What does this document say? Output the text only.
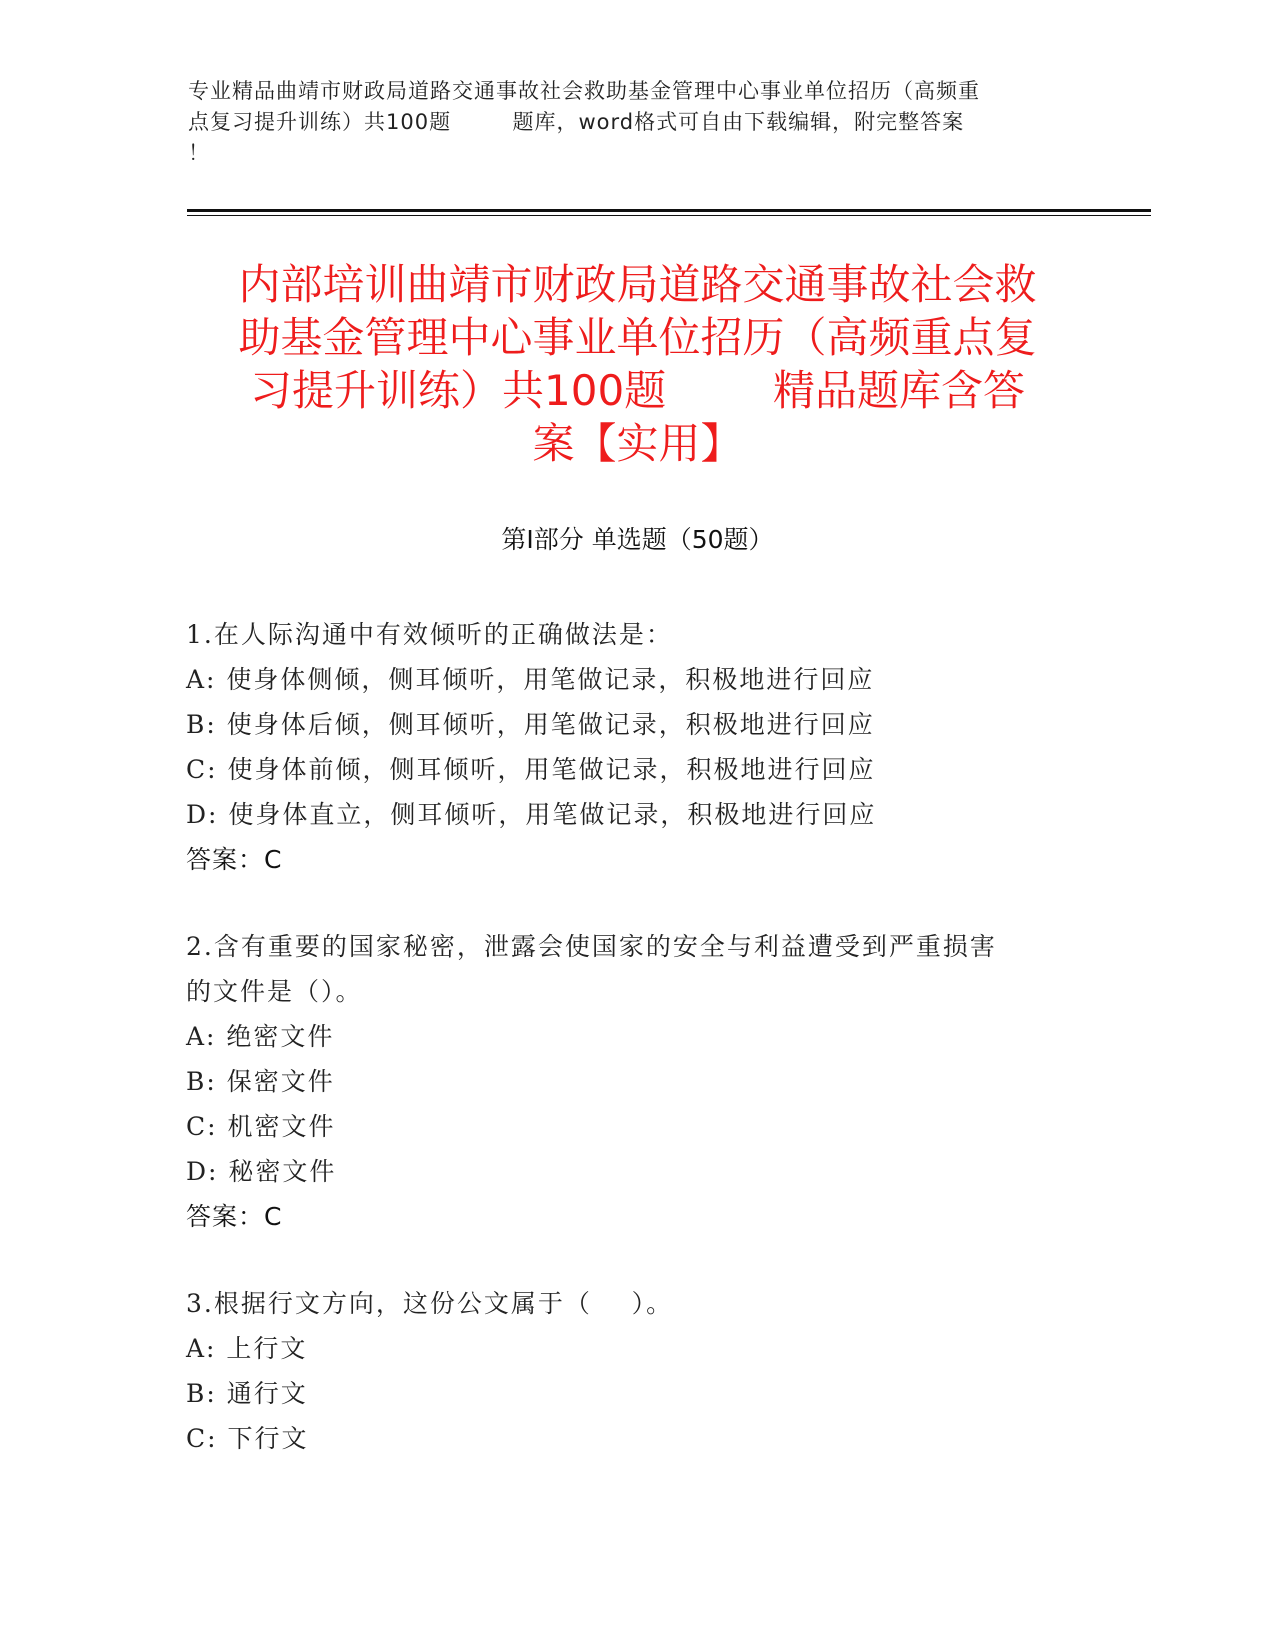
专业精品曲靖市财政局道路交通事故社会救助基金管理中心事业单位招历（高频重
点复习提升训练）共100题        题库，word格式可自由下载编辑，附完整答案
！
内部培训曲靖市财政局道路交通事故社会救
助基金管理中心事业单位招历（高频重点复
习提升训练）共100题        精品题库含答
案【实用】
第Ⅰ部分 单选题（50题）
1.在人际沟通中有效倾听的正确做法是：
A: 使身体侧倾，侧耳倾听，用笔做记录，积极地进行回应
B: 使身体后倾，侧耳倾听，用笔做记录，积极地进行回应
C: 使身体前倾，侧耳倾听，用笔做记录，积极地进行回应
D: 使身体直立，侧耳倾听，用笔做记录，积极地进行回应
答案：C
2.含有重要的国家秘密，泄露会使国家的安全与利益遭受到严重损害
的文件是（）。
A: 绝密文件
B: 保密文件
C: 机密文件
D: 秘密文件
答案：C
3.根据行文方向，这份公文属于（    ）。
A: 上行文
B: 通行文
C: 下行文
